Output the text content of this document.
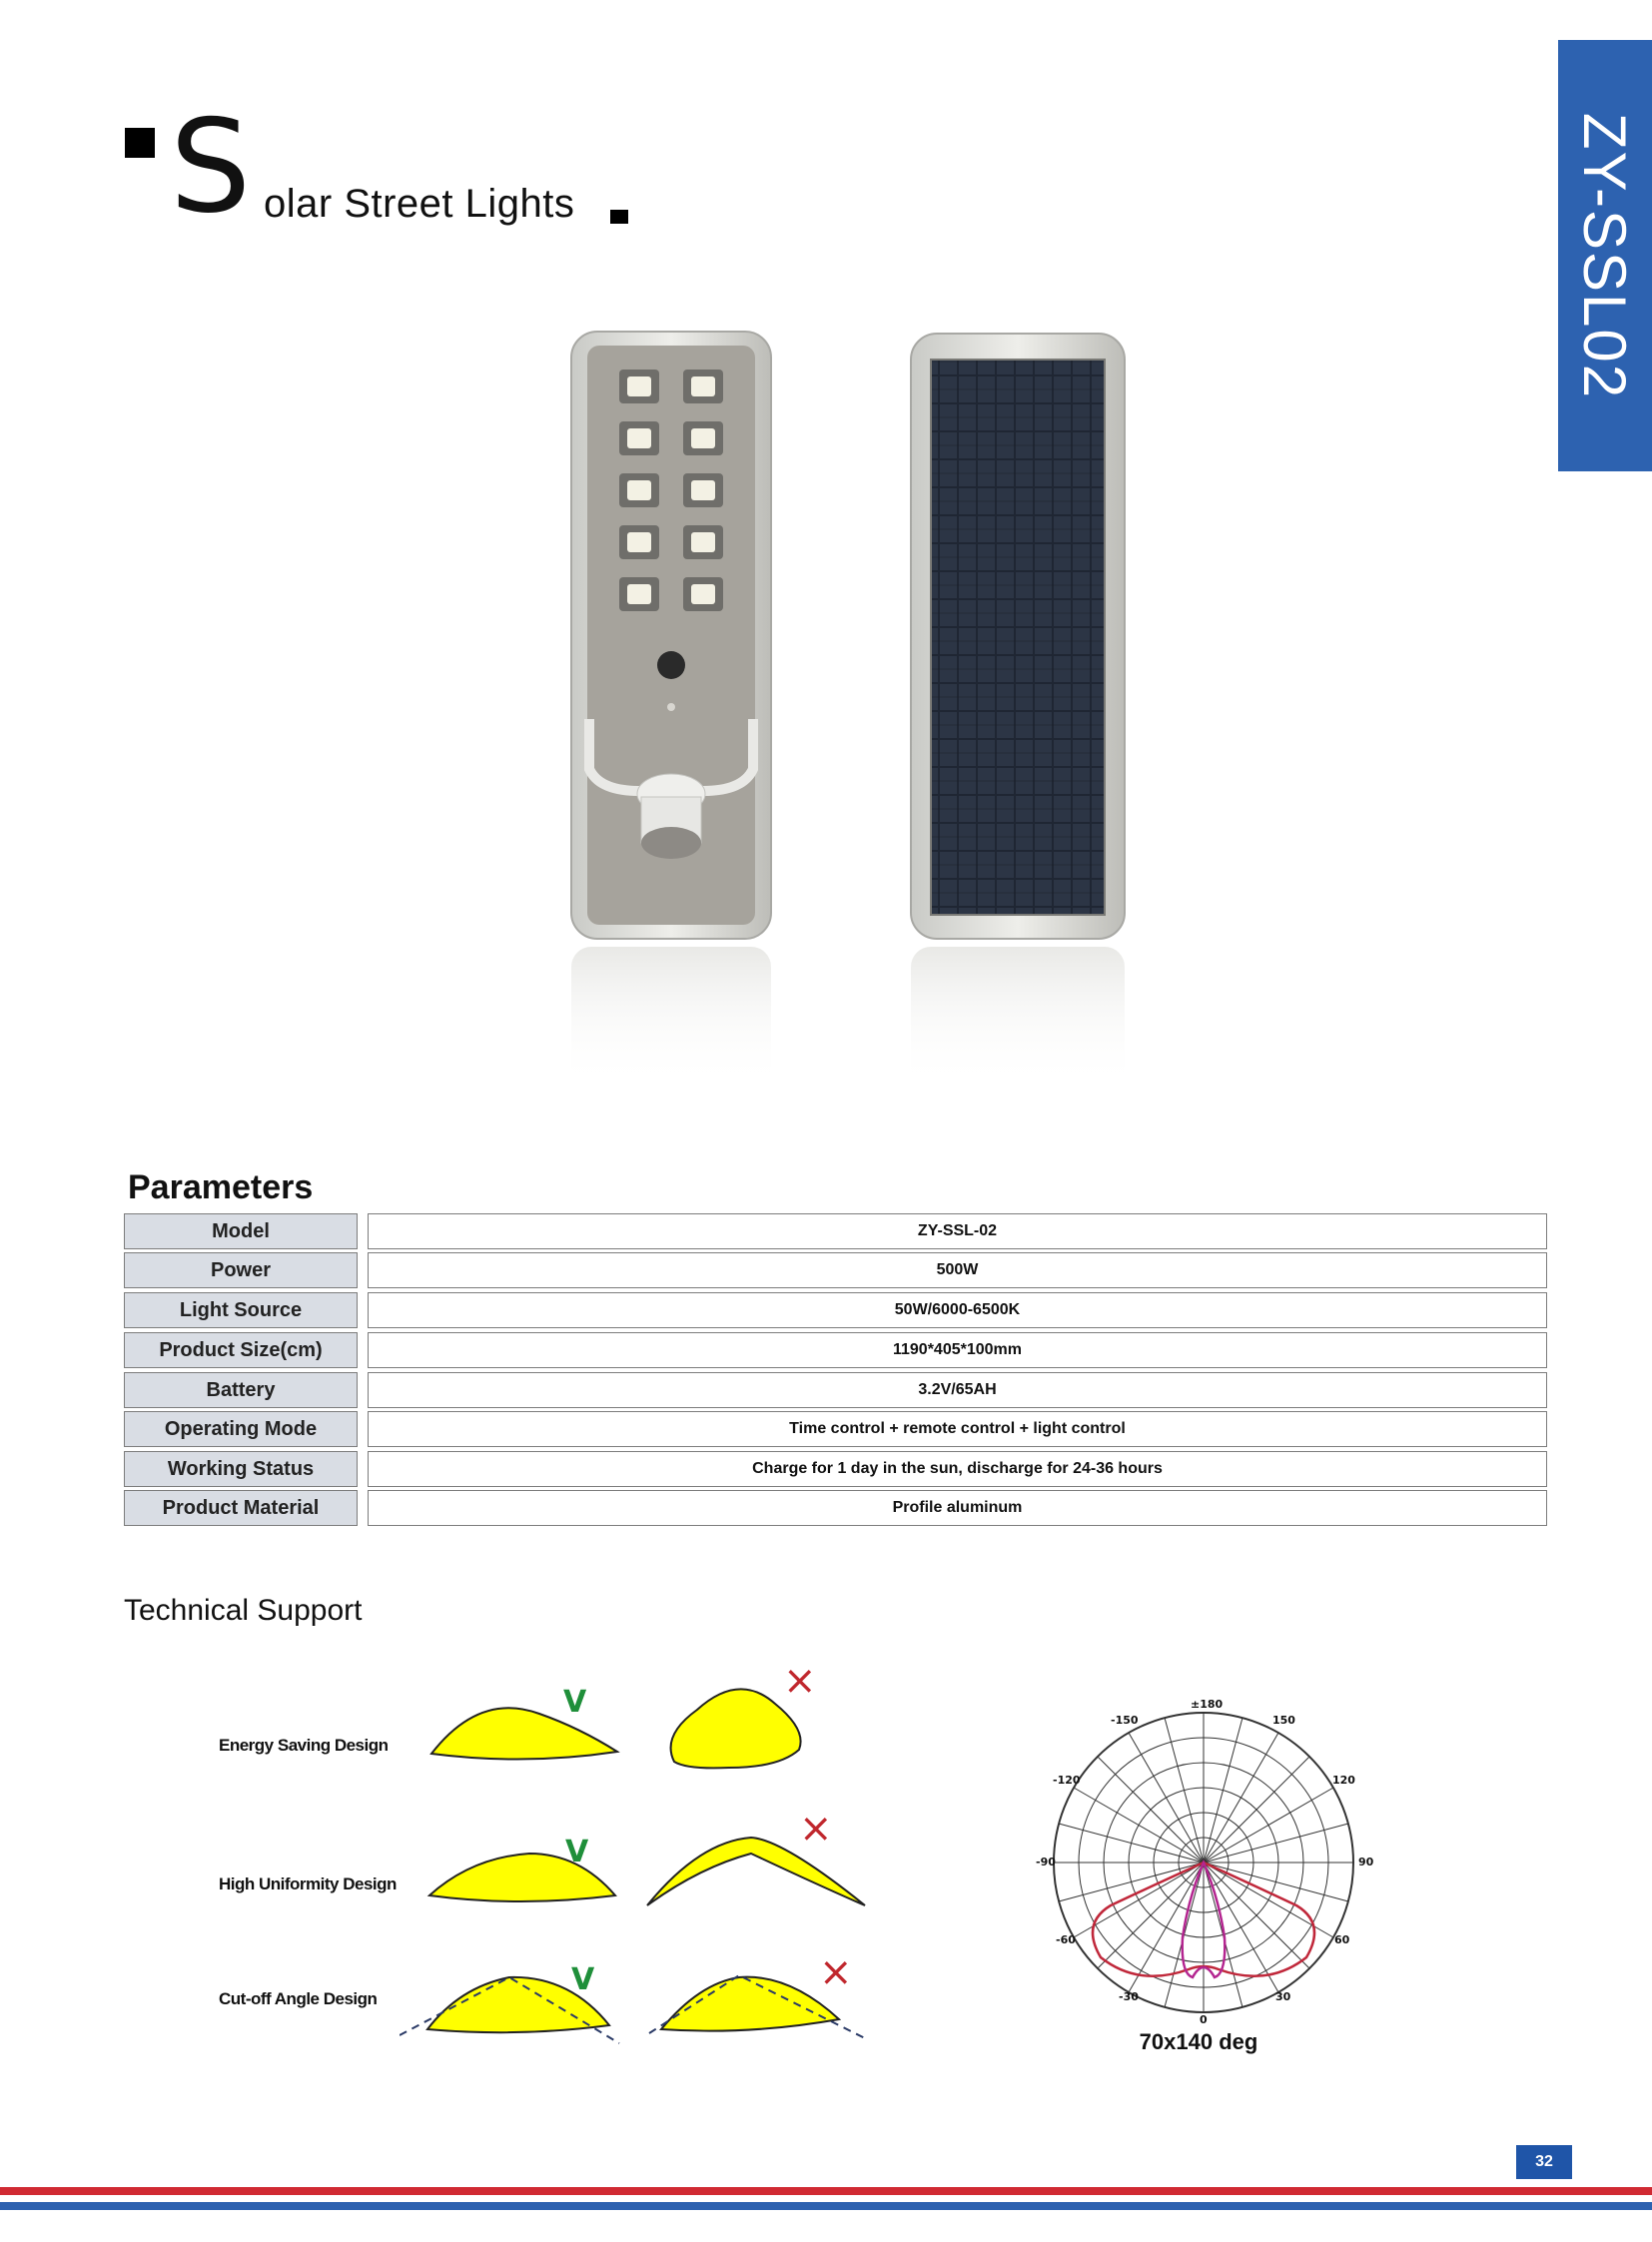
S olar Street Lights	ZY-SSL02
Parameters
Model	ZY-SSL-02
Power	500W
Light Source	50W/6000-6500K
Product Size(cm)	1190*405*100mm
Battery	3.2V/65AH
Operating Mode	Time control + remote control + light control
Working Status	Charge for 1 day in the sun, discharge for 24-36 hours
Product Material	Profile aluminum
Technical Support
Energy Saving Design
High Uniformity Design
Cut-off Angle Design
V
V
V
×
×
×
±180
-150	150
-120	120
-90	90
-60	60
-30	30
0
70x140 deg
32
